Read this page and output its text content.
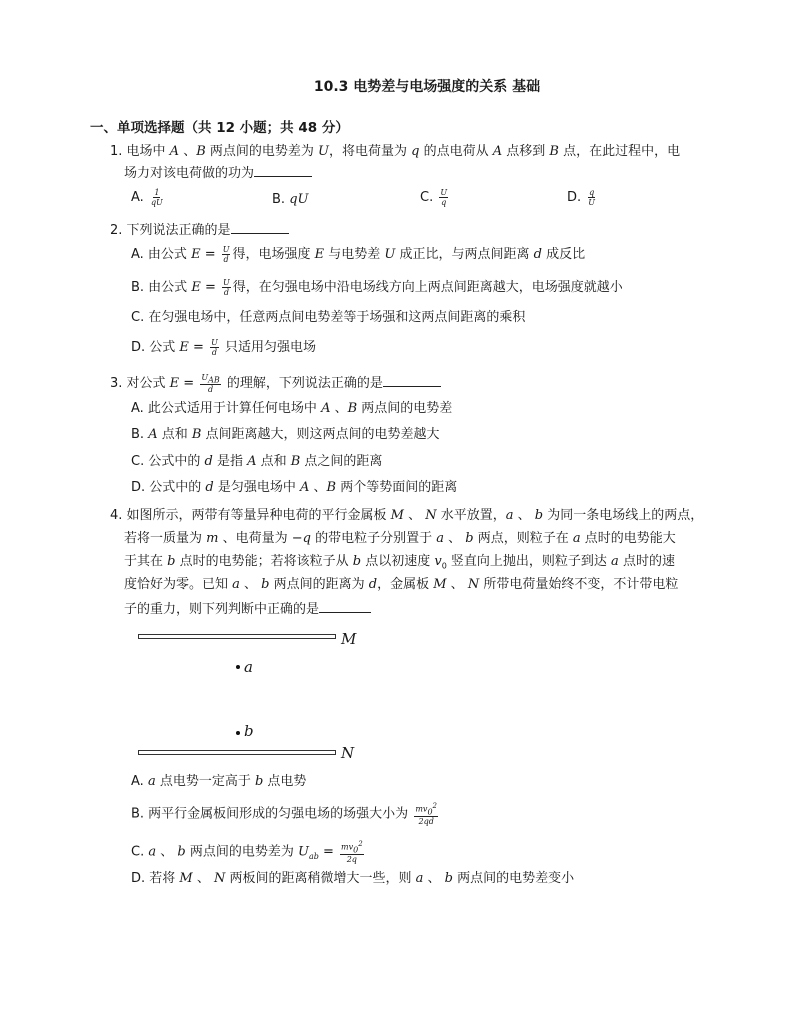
10.3 电势差与电场强度的关系 基础
一、单项选择题（共 12 小题；共 48 分）
1. 电场中 A 、B 两点间的电势差为 U，将电荷量为 q 的点电荷从 A 点移到 B 点，在此过程中，电
场力对该电荷做的功为
A. $\frac{1}{qU}$	B. qU	C. $\frac{U}{q}$	D. $\frac{q}{U}$
2. 下列说法正确的是
A. 由公式 $E = \frac{U}{d}$ 得，电场强度 E 与电势差 U 成正比，与两点间距离 d 成反比
B. 由公式 $E = \frac{U}{d}$ 得，在匀强电场中沿电场线方向上两点间距离越大，电场强度就越小
C. 在匀强电场中，任意两点间电势差等于场强和这两点间距离的乘积
D. 公式 $E = \frac{U}{d}$ 只适用匀强电场
3. 对公式 $E = \frac{U_{AB}}{d}$ 的理解，下列说法正确的是
A. 此公式适用于计算任何电场中 A 、B 两点间的电势差
B. A 点和 B 点间距离越大，则这两点间的电势差越大
C. 公式中的 d 是指 A 点和 B 点之间的距离
D. 公式中的 d 是匀强电场中 A 、B 两个等势面间的距离
4. 如图所示，两带有等量异种电荷的平行金属板 M 、 N 水平放置，a 、 b 为同一条电场线上的两点，
若将一质量为 m 、电荷量为 −q 的带电粒子分别置于 a 、 b 两点，则粒子在 a 点时的电势能大
于其在 b 点时的电势能；若将该粒子从 b 点以初速度 $v_0$ 竖直向上抛出，则粒子到达 a 点时的速
度恰好为零。已知 a 、 b 两点间的距离为 d，金属板 M 、 N 所带电荷量始终不变，不计带电粒
子的重力，则下列判断中正确的是
M
a
b
N
A. a 点电势一定高于 b 点电势
B. 两平行金属板间形成的匀强电场的场强大小为 $\frac{mv_0^2}{2qd}$
C. a 、 b 两点间的电势差为 $U_{ab} = \frac{mv_0^2}{2q}$
D. 若将 M 、 N 两板间的距离稍微增大一些，则 a 、 b 两点间的电势差变小
